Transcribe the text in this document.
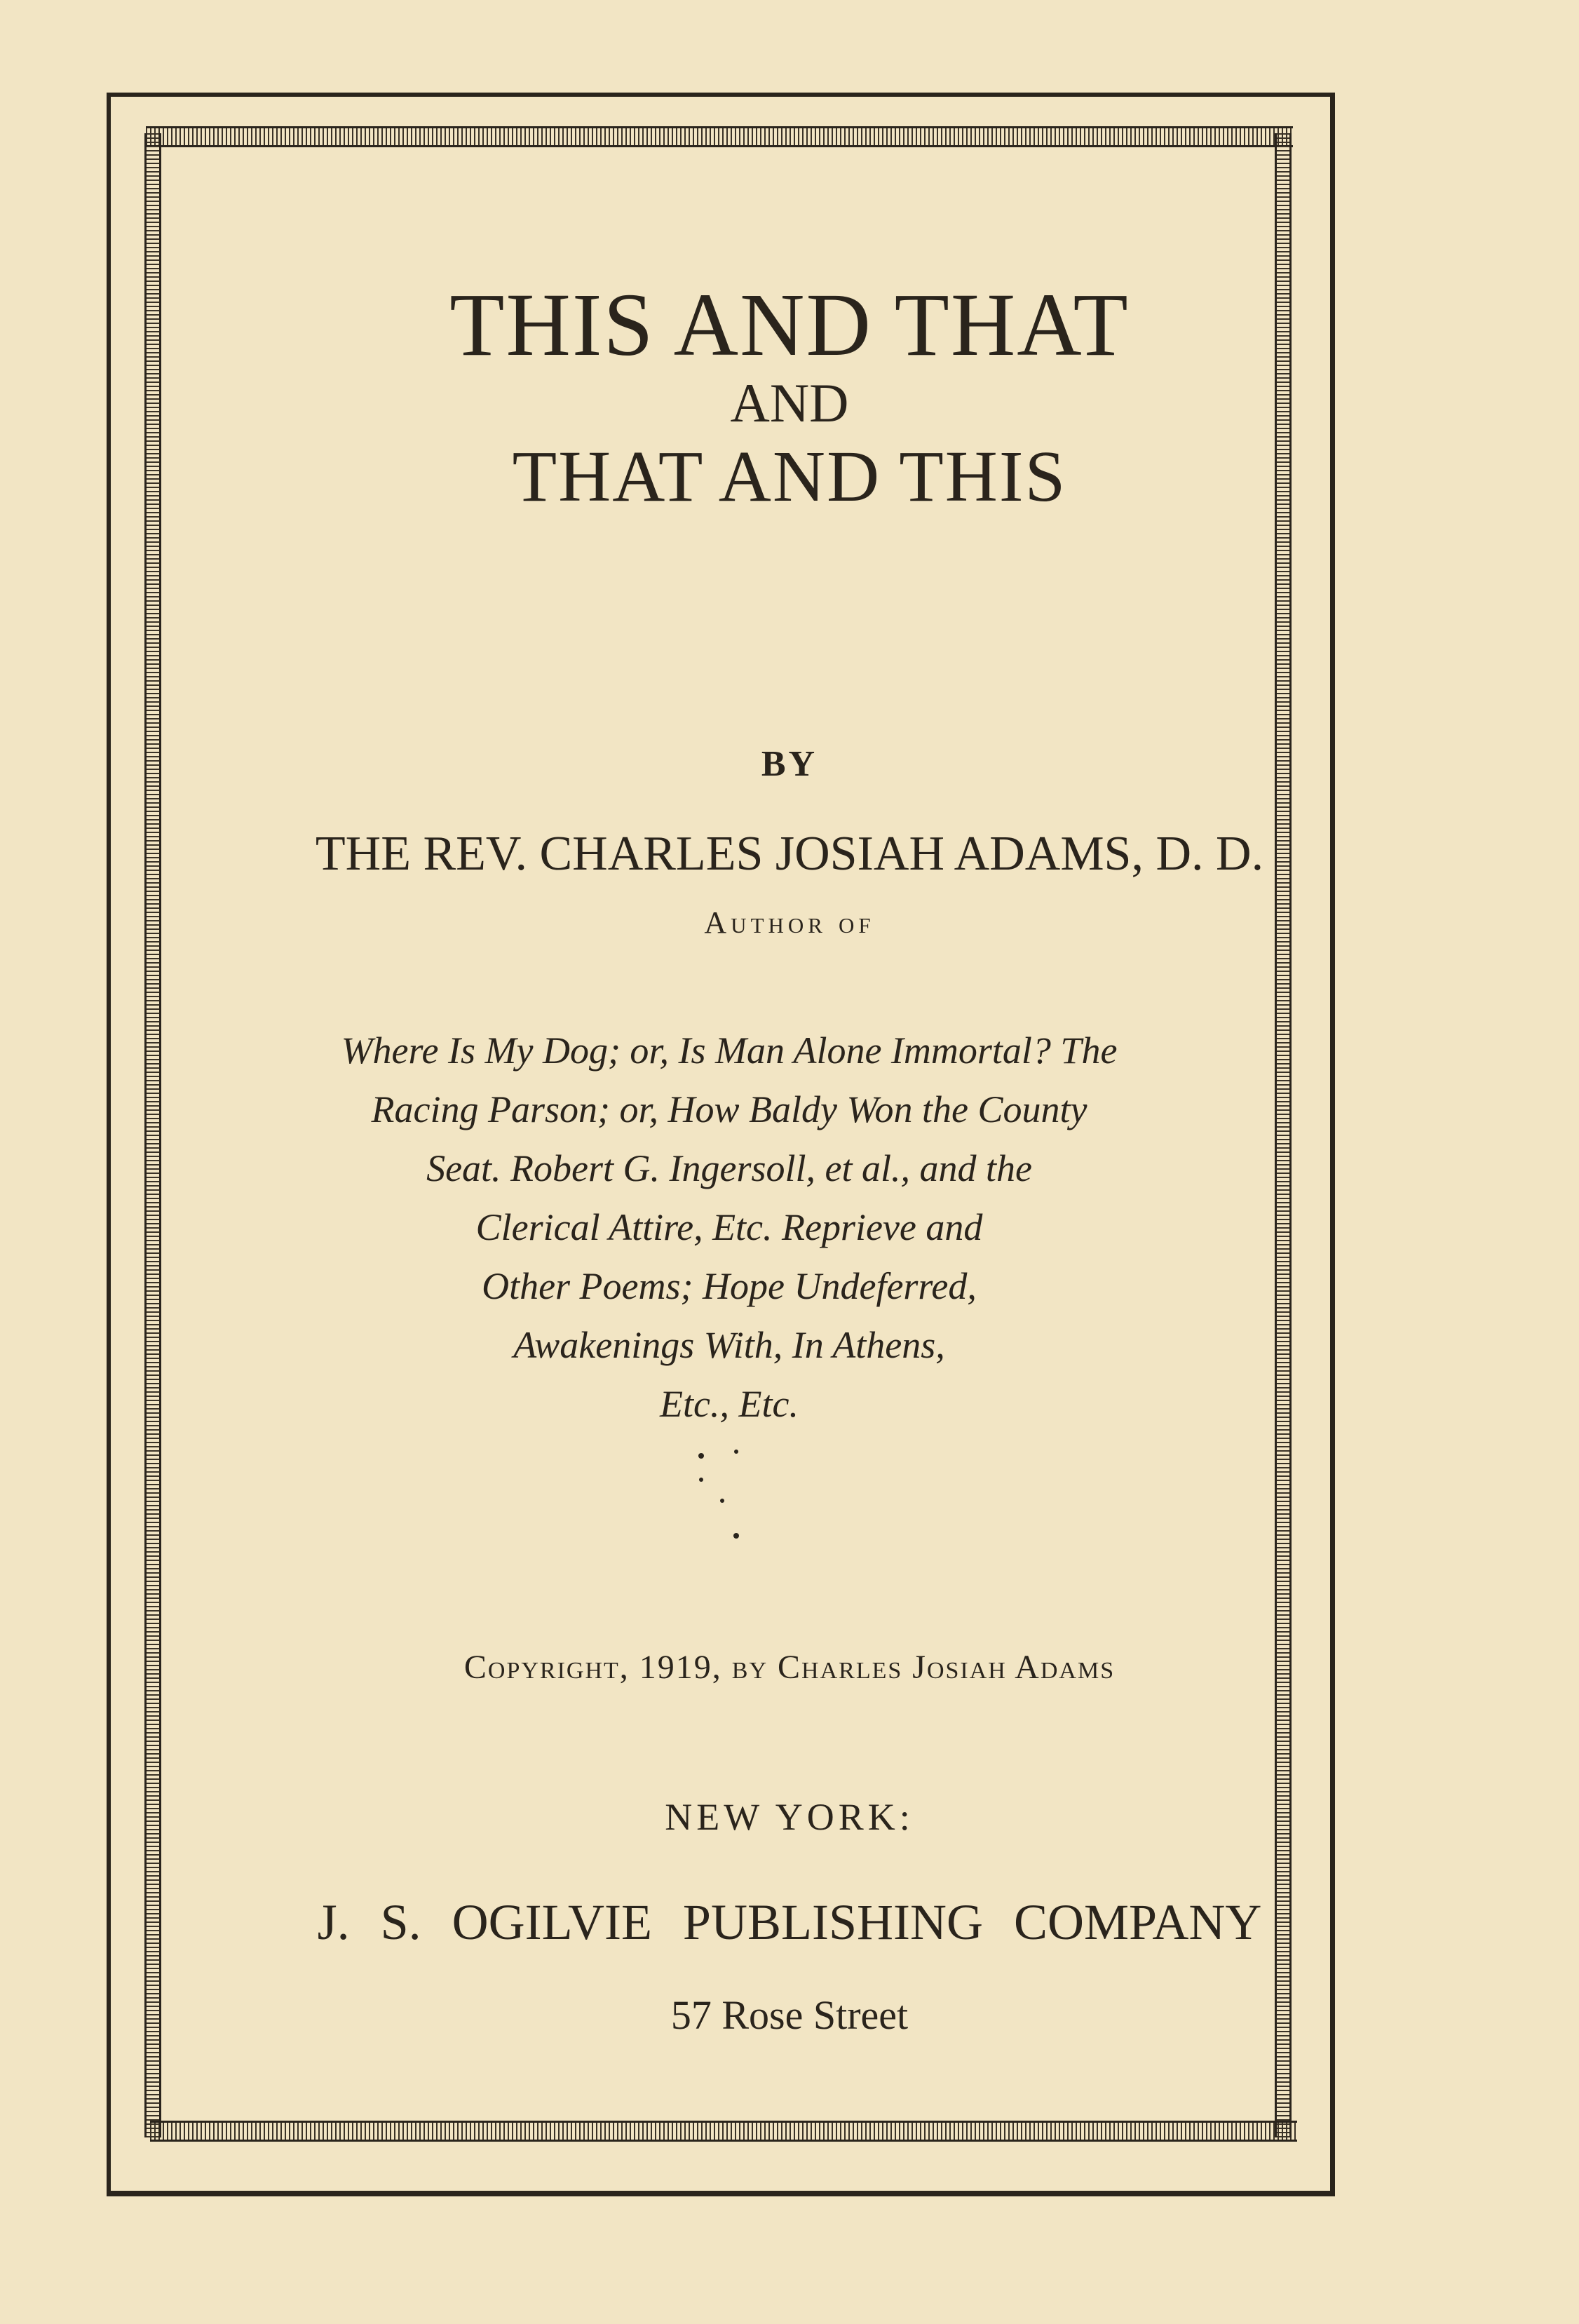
THIS AND THAT
AND
THAT AND THIS
BY
THE REV. CHARLES JOSIAH ADAMS, D. D.
Author of
Where Is My Dog; or, Is Man Alone Immortal? The
Racing Parson; or, How Baldy Won the County
Seat. Robert G. Ingersoll, et al., and the
Clerical Attire, Etc. Reprieve and
Other Poems; Hope Undeferred,
Awakenings With, In Athens,
Etc., Etc.
Copyright, 1919, by Charles Josiah Adams
NEW YORK:
J. S. OGILVIE PUBLISHING COMPANY
57 Rose Street
